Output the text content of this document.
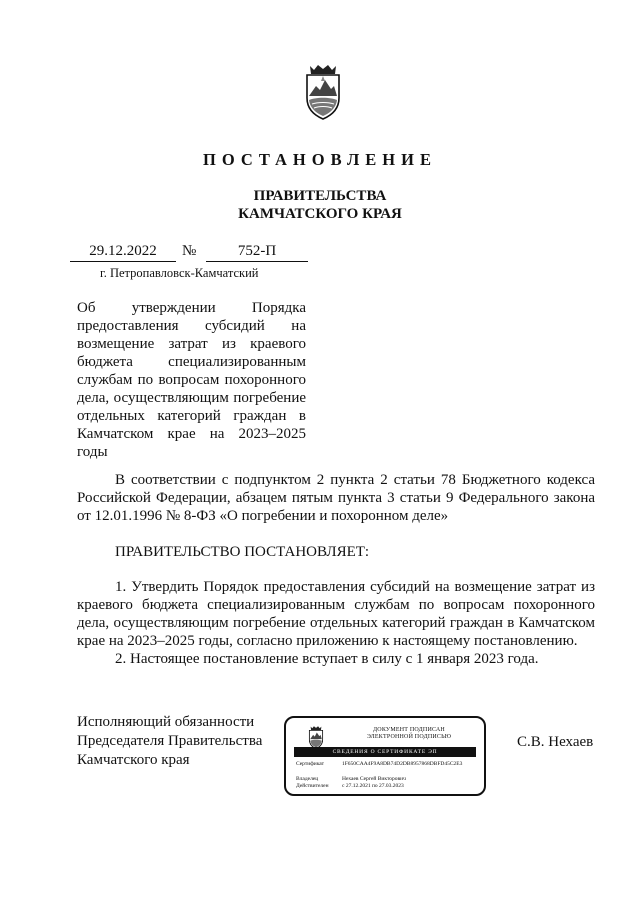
ПОСТАНОВЛЕНИЕ
ПРАВИТЕЛЬСТВА
КАМЧАТСКОГО КРАЯ
29.12.2022	№	752-П
г. Петропавловск-Камчатский
Об утверждении Порядка предоставления субсидий на возмещение затрат из краевого бюджета специализированным службам по вопросам похоронного дела, осуществляющим погребение отдельных категорий граждан в Камчатском крае на 2023–2025 годы

В соответствии с подпунктом 2 пункта 2 статьи 78 Бюджетного кодекса Российской Федерации, абзацем пятым пункта 3 статьи 9 Федерального закона от 12.01.1996 № 8-ФЗ «О погребении и похоронном деле»

ПРАВИТЕЛЬСТВО ПОСТАНОВЛЯЕТ:

1. Утвердить Порядок предоставления субсидий на возмещение затрат из краевого бюджета специализированным службам по вопросам похоронного дела, осуществляющим погребение отдельных категорий граждан в Камчатском крае на 2023–2025 годы, согласно приложению к настоящему постановлению.

2. Настоящее постановление вступает в силу с 1 января 2023 года.

Исполняющий обязанности
Председателя Правительства
Камчатского края
ДОКУМЕНТ ПОДПИСАН
ЭЛЕКТРОННОЙ ПОДПИСЬЮ
СВЕДЕНИЯ О СЕРТИФИКАТЕ ЭП
Сертификат	1F650CAA4F9A8DB74D2DB8957868DBFD45C2E3
Владелец	Нехаев Сергей Викторович
Действителен с 27.12.2021 по 27.03.2023
С.В. Нехаев
